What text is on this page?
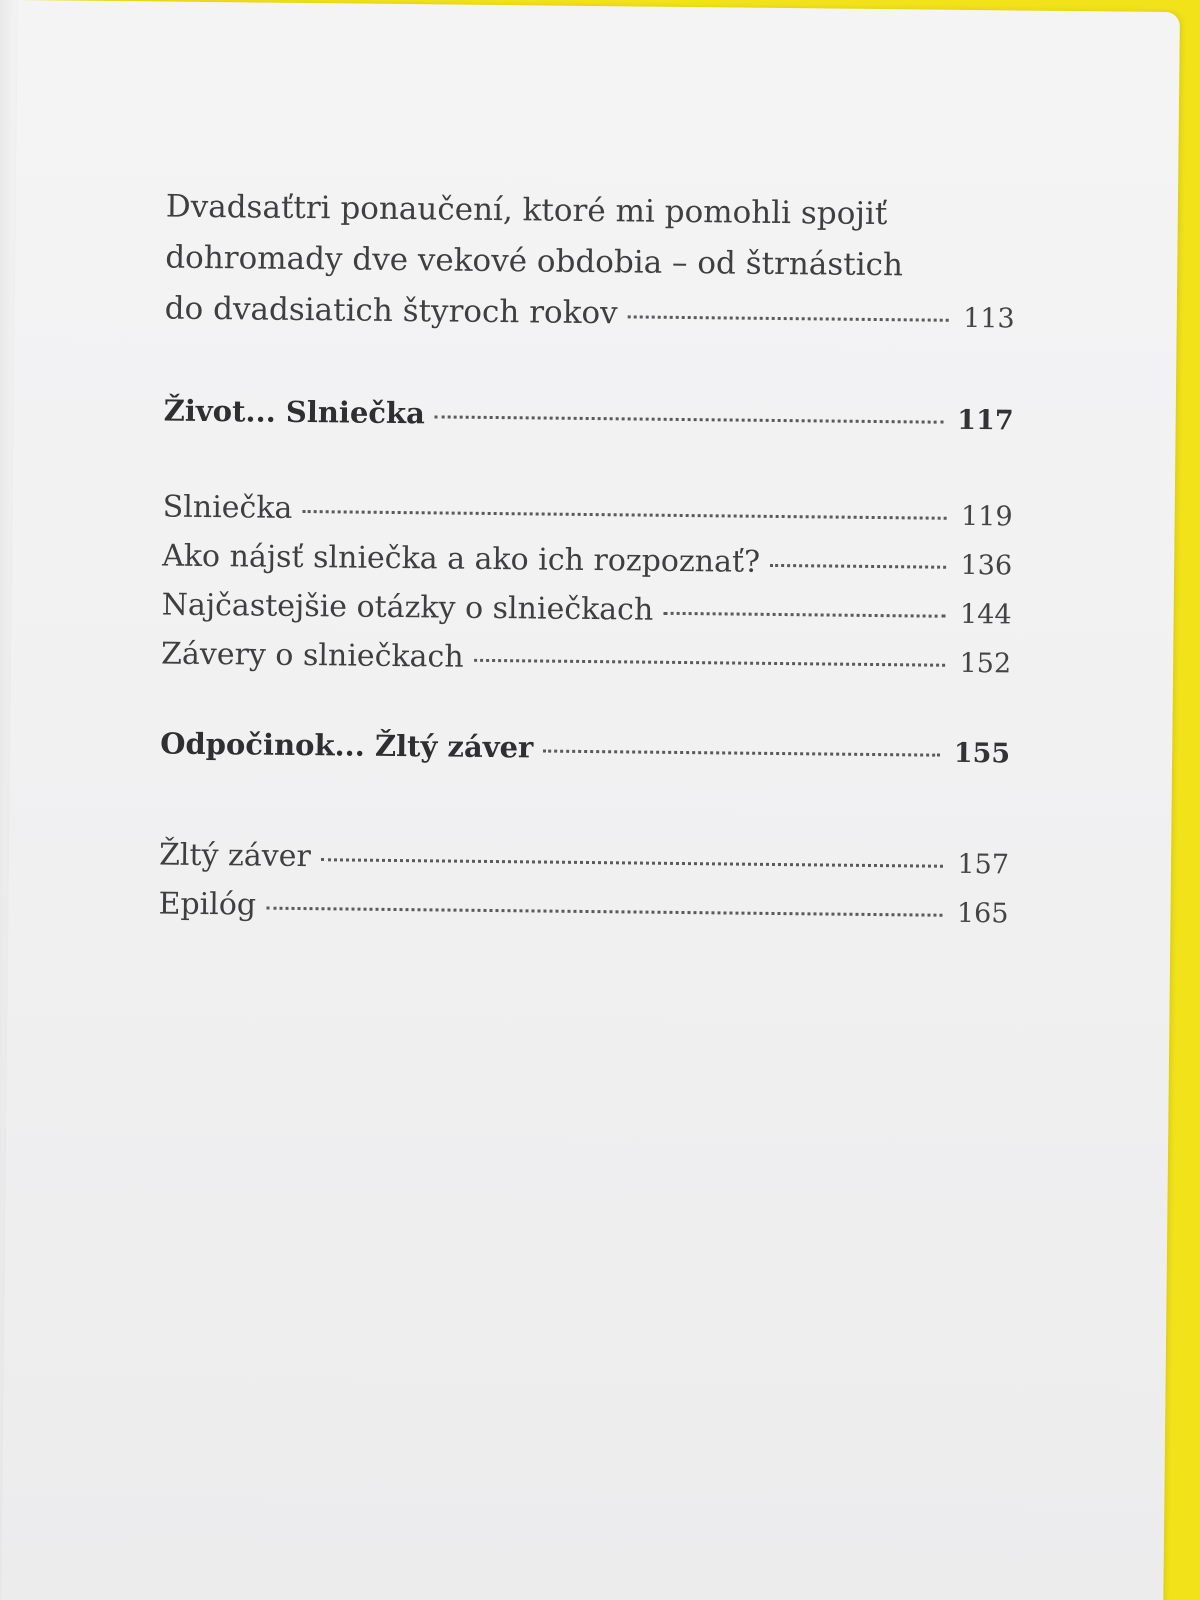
Dvadsaťtri ponaučení, ktoré mi pomohli spojiť
dohromady dve vekové obdobia – od štrnástich
do dvadsiatich štyroch rokov	113
Život... Slniečka	117
Slniečka	119
Ako nájsť slniečka a ako ich rozpoznať?	136
Najčastejšie otázky o slniečkach	144
Závery o slniečkach	152
Odpočinok... Žltý záver	155
Žltý záver	157
Epilóg	165
